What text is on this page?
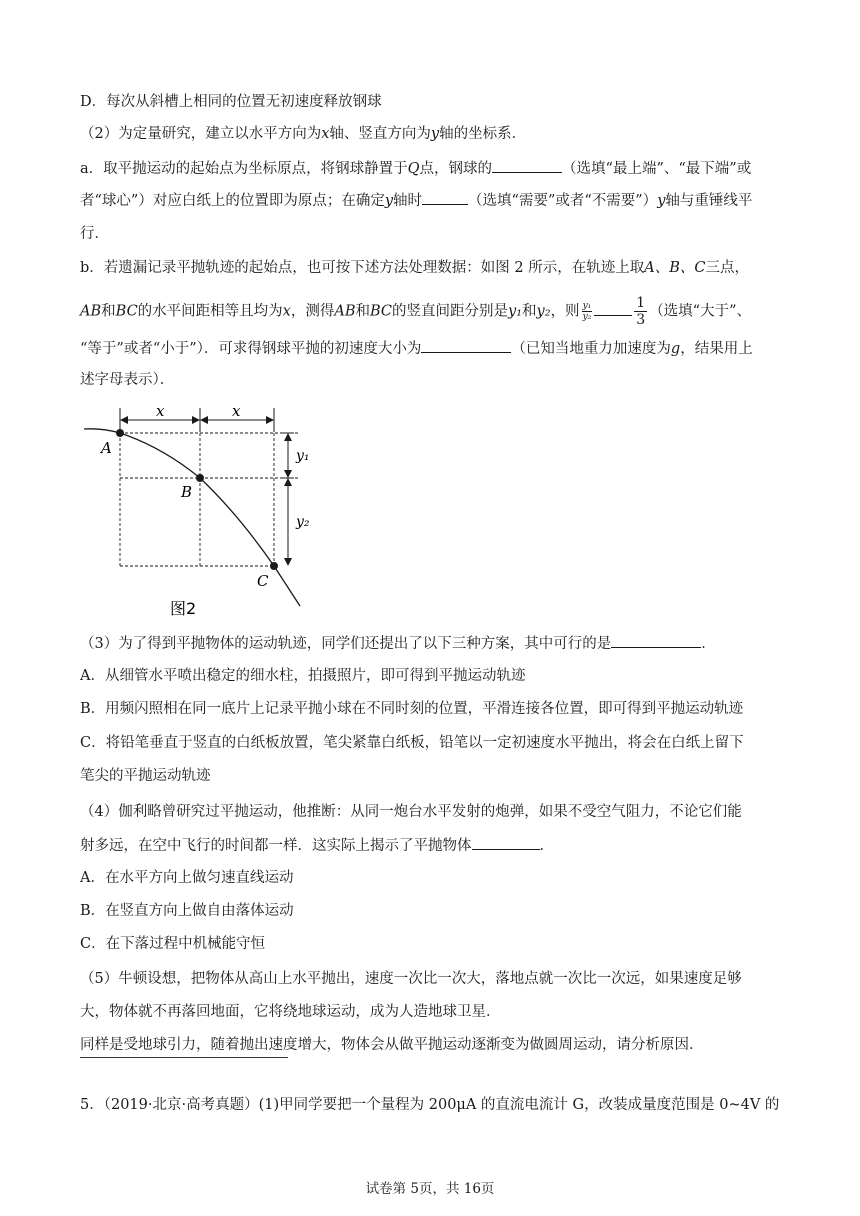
D．每次从斜槽上相同的位置无初速度释放钢球
（2）为定量研究，建立以水平方向为x轴、竖直方向为y轴的坐标系．
a．取平抛运动的起始点为坐标原点，将钢球静置于Q点，钢球的	（选填“最上端”、“最下端”或
者“球心”）对应白纸上的位置即为原点；在确定y轴时	（选填“需要”或者“不需要”）y轴与重锤线平
行．
b．若遗漏记录平抛轨迹的起始点，也可按下述方法处理数据：如图 2 所示，在轨迹上取A、B、C三点，
AB和BC的水平间距相等且均为x，测得AB和BC的竖直间距分别是y₁和y₂，则 $\frac{\text{y₁}}{\text{y₂}}$	$\frac{1}{3}$ （选填“大于”、
“等于”或者“小于”）．可求得钢球平抛的初速度大小为	（已知当地重力加速度为g，结果用上
述字母表示）．
x	x
y₁
y₂
A
B
C
图2
（3）为了得到平抛物体的运动轨迹，同学们还提出了以下三种方案，其中可行的是	．
A．从细管水平喷出稳定的细水柱，拍摄照片，即可得到平抛运动轨迹
B．用频闪照相在同一底片上记录平抛小球在不同时刻的位置，平滑连接各位置，即可得到平抛运动轨迹
C．将铅笔垂直于竖直的白纸板放置，笔尖紧靠白纸板，铅笔以一定初速度水平抛出，将会在白纸上留下
笔尖的平抛运动轨迹
（4）伽利略曾研究过平抛运动，他推断：从同一炮台水平发射的炮弹，如果不受空气阻力，不论它们能
射多远，在空中飞行的时间都一样．这实际上揭示了平抛物体	．
A．在水平方向上做匀速直线运动
B．在竖直方向上做自由落体运动
C．在下落过程中机械能守恒
（5）牛顿设想，把物体从高山上水平抛出，速度一次比一次大，落地点就一次比一次远，如果速度足够
大，物体就不再落回地面，它将绕地球运动，成为人造地球卫星．
同样是受地球引力，随着抛出速度增大，物体会从做平抛运动逐渐变为做圆周运动，请分析原因．
5．（2019·北京·高考真题）(1)甲同学要把一个量程为 200μA 的直流电流计 G，改装成量度范围是 0~4V 的
试卷第 5页，共 16页
